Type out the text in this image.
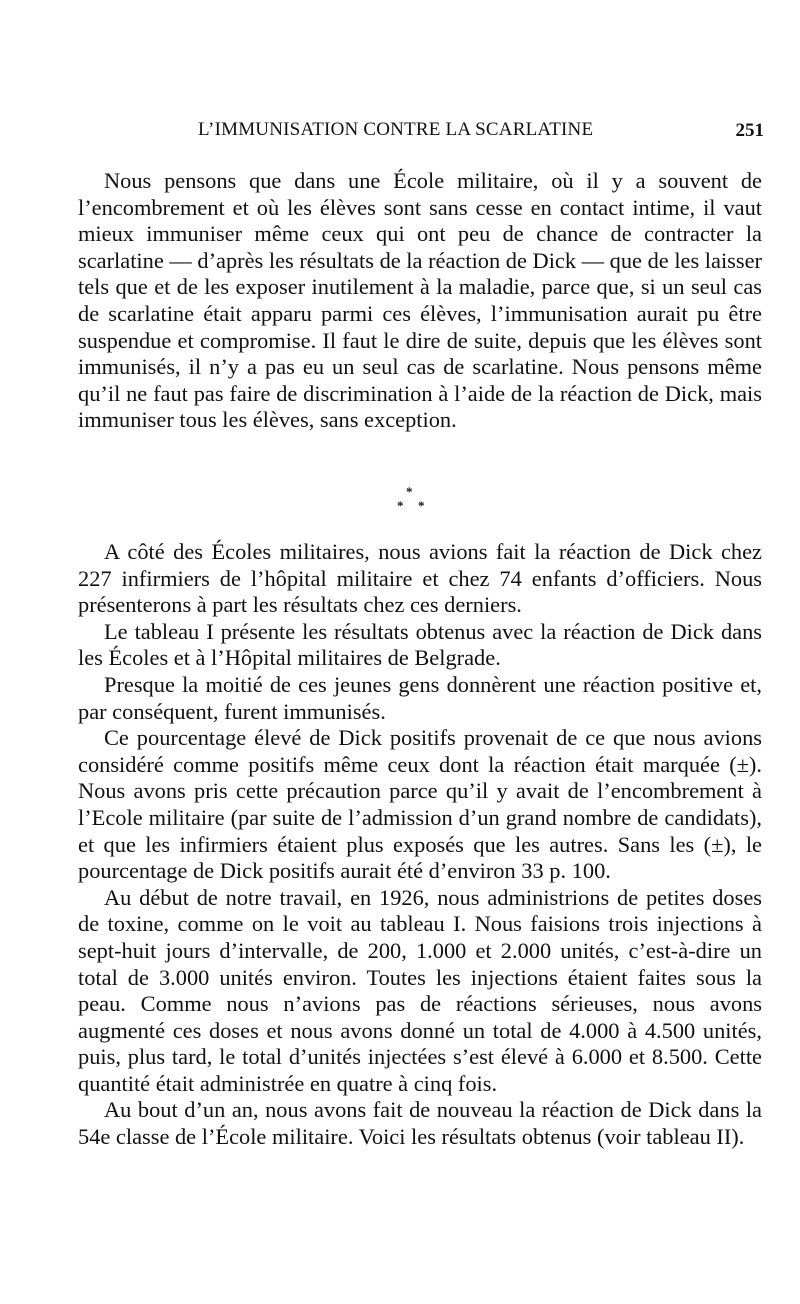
L’IMMUNISATION CONTRE LA SCARLATINE	251

Nous pensons que dans une École militaire, où il y a souvent de l’encombrement et où les élèves sont sans cesse en contact intime, il vaut mieux immuniser même ceux qui ont peu de chance de contracter la scarlatine — d’après les résultats de la réaction de Dick — que de les laisser tels que et de les exposer inutilement à la maladie, parce que, si un seul cas de scarlatine était apparu parmi ces élèves, l’immunisation aurait pu être suspendue et compromise. Il faut le dire de suite, depuis que les élèves sont immunisés, il n’y a pas eu un seul cas de scarlatine. Nous pensons même qu’il ne faut pas faire de discrimination à l’aide de la réaction de Dick, mais immuniser tous les élèves, sans exception.

*
* *

A côté des Écoles militaires, nous avions fait la réaction de Dick chez 227 infirmiers de l’hôpital militaire et chez 74 enfants d’officiers. Nous présenterons à part les résultats chez ces derniers.

Le tableau I présente les résultats obtenus avec la réaction de Dick dans les Écoles et à l’Hôpital militaires de Belgrade.

Presque la moitié de ces jeunes gens donnèrent une réaction positive et, par conséquent, furent immunisés.

Ce pourcentage élevé de Dick positifs provenait de ce que nous avions considéré comme positifs même ceux dont la réaction était marquée (±). Nous avons pris cette précaution parce qu’il y avait de l’encombrement à l’Ecole militaire (par suite de l’admission d’un grand nombre de candidats), et que les infirmiers étaient plus exposés que les autres. Sans les (±), le pourcentage de Dick positifs aurait été d’environ 33 p. 100.

Au début de notre travail, en 1926, nous administrions de petites doses de toxine, comme on le voit au tableau I. Nous faisions trois injections à sept-huit jours d’intervalle, de 200, 1.000 et 2.000 unités, c’est-à-dire un total de 3.000 unités environ. Toutes les injections étaient faites sous la peau. Comme nous n’avions pas de réactions sérieuses, nous avons augmenté ces doses et nous avons donné un total de 4.000 à 4.500 unités, puis, plus tard, le total d’unités injectées s’est élevé à 6.000 et 8.500. Cette quantité était administrée en quatre à cinq fois.

Au bout d’un an, nous avons fait de nouveau la réaction de Dick dans la 54e classe de l’École militaire. Voici les résultats obtenus (voir tableau II).
